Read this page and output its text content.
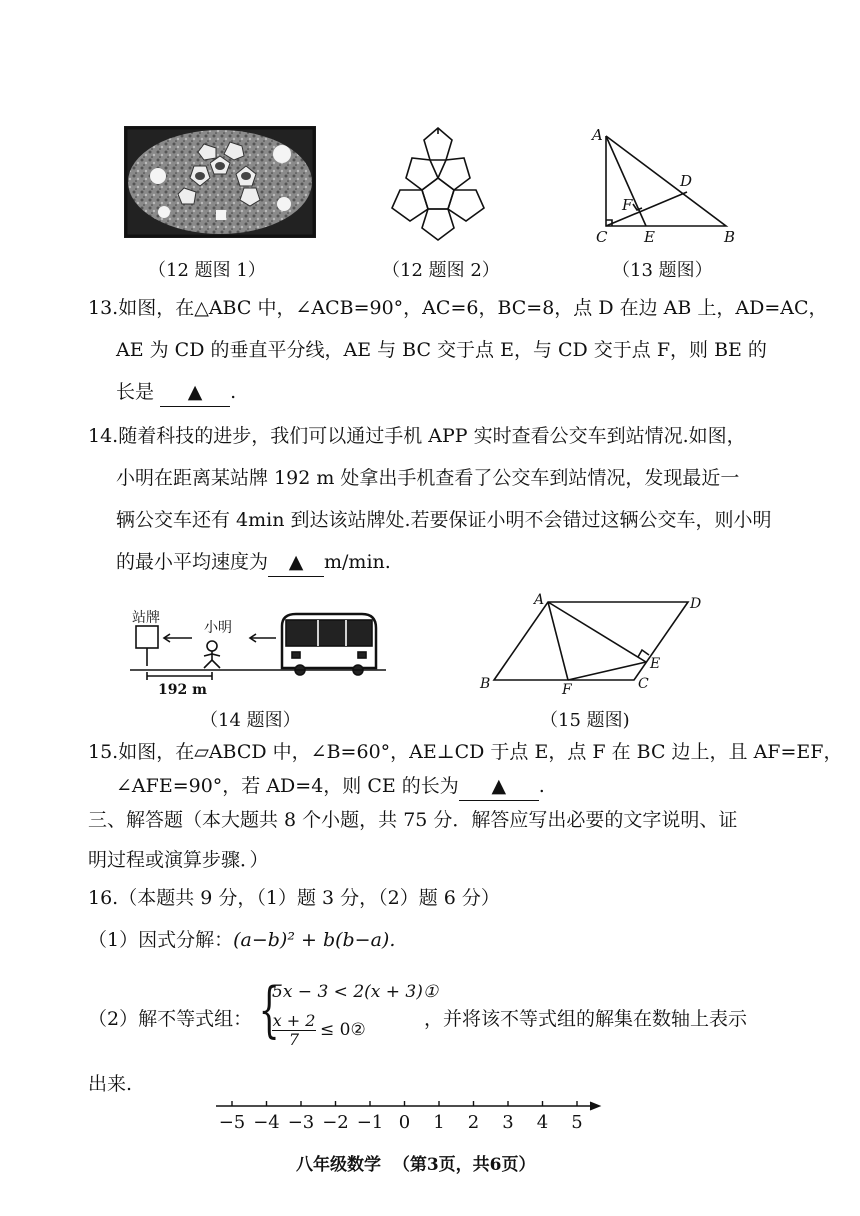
（12 题图 1）	（12 题图 2）
A
D
F
C E	B
（13 题图）
13.如图，在△ABC 中，∠ACB=90°，AC=6，BC=8，点 D 在边 AB 上，AD=AC，
AE 为 CD 的垂直平分线，AE 与 BC 交于点 E，与 CD 交于点 F，则 BE 的
长是 ▲ .
14.随着科技的进步，我们可以通过手机 APP 实时查看公交车到站情况.如图，
小明在距离某站牌 192 m 处拿出手机查看了公交车到站情况，发现最近一
辆公交车还有 4min 到达该站牌处.若要保证小明不会错过这辆公交车，则小明
的最小平均速度为 ▲ m/min.
站牌
小明
192 m
（14 题图）
A	D
B	F	C
E
（15 题图)
15.如图，在▱ABCD 中，∠B=60°，AE⊥CD 于点 E，点 F 在 BC 边上，且 AF=EF，
∠AFE=90°，若 AD=4，则 CE 的长为 ▲ .
三、解答题（本大题共 8 个小题，共 75 分．解答应写出必要的文字说明、证
明过程或演算步骤．）
16.（本题共 9 分，（1）题 3 分，（2）题 6 分）
（1）因式分解：(a−b)² + b(b−a).
（2）解不等式组： {
5x − 3 < 2(x + 3)①
$\frac{x + 2}{7}$ ≤ 0②	，并将该不等式组的解集在数轴上表示
出来.
−5 −4 −3 −2 −1 0 1 2 3 4 5
八年级数学  （第3页，共6页）
